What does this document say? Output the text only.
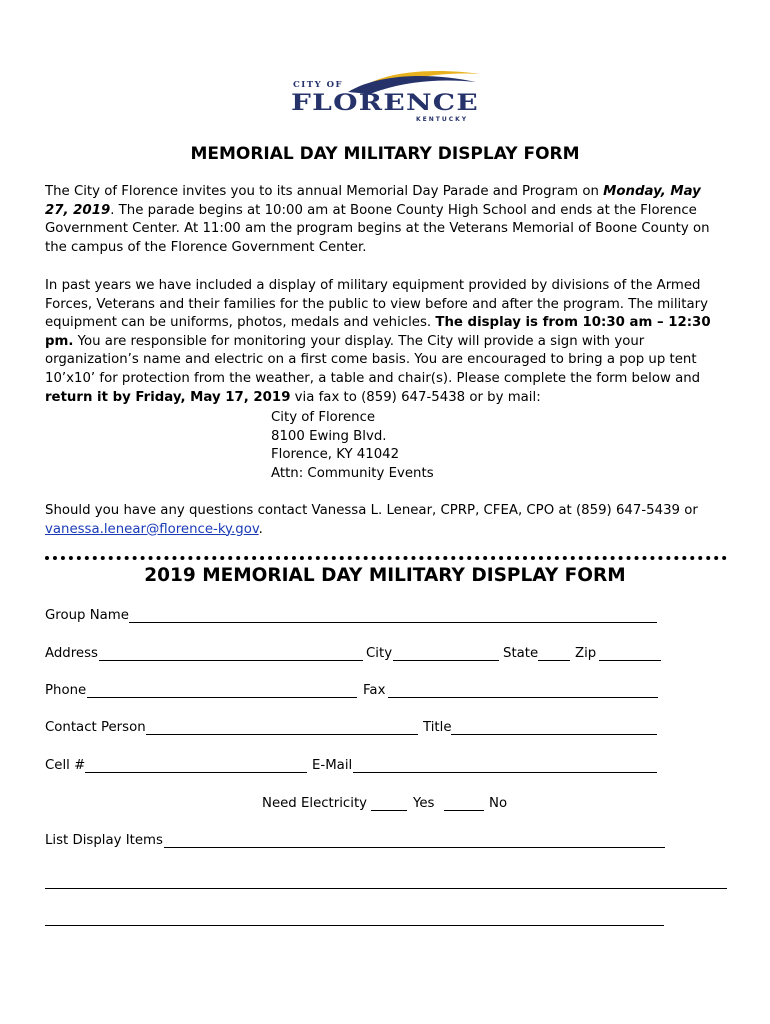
CITY OF
FLORENCE
KENTUCKY
MEMORIAL DAY MILITARY DISPLAY FORM
The City of Florence invites you to its annual Memorial Day Parade and Program on Monday, May 27, 2019. The parade begins at 10:00 am at Boone County High School and ends at the Florence Government Center. At 11:00 am the program begins at the Veterans Memorial of Boone County on the campus of the Florence Government Center.
In past years we have included a display of military equipment provided by divisions of the Armed Forces, Veterans and their families for the public to view before and after the program. The military equipment can be uniforms, photos, medals and vehicles. The display is from 10:30 am – 12:30 pm. You are responsible for monitoring your display. The City will provide a sign with your organization’s name and electric on a first come basis. You are encouraged to bring a pop up tent 10’x10’ for protection from the weather, a table and chair(s). Please complete the form below and return it by Friday, May 17, 2019 via fax to (859) 647-5438 or by mail:
City of Florence
8100 Ewing Blvd.
Florence, KY 41042
Attn: Community Events
Should you have any questions contact Vanessa L. Lenear, CPRP, CFEA, CPO at (859) 647-5439 or vanessa.lenear@florence-ky.gov.
2019 MEMORIAL DAY MILITARY DISPLAY FORM
Group Name
Address	City	State	Zip
Phone	Fax
Contact Person	Title
Cell #	E-Mail
Need Electricity	Yes	No
List Display Items
